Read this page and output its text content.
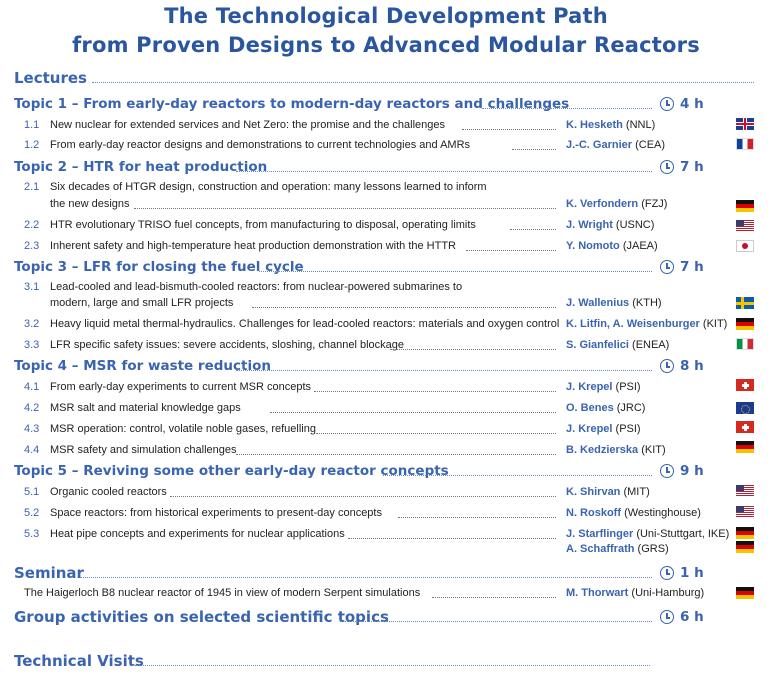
The Technological Development Path
from Proven Designs to Advanced Modular Reactors
Lectures
Topic 1 – From early-day reactors to modern-day reactors and challenges	4 h
1.1 New nuclear for extended services and Net Zero: the promise and the challenges	K. Hesketh (NNL)
1.2 From early-day reactor designs and demonstrations to current technologies and AMRs	J.-C. Garnier (CEA)
Topic 2 – HTR for heat production	7 h
2.1 Six decades of HTGR design, construction and operation: many lessons learned to inform
the new designs	K. Verfondern (FZJ)
2.2 HTR evolutionary TRISO fuel concepts, from manufacturing to disposal, operating limits	J. Wright (USNC)
2.3 Inherent safety and high-temperature heat production demonstration with the HTTR	Y. Nomoto (JAEA)
Topic 3 – LFR for closing the fuel cycle	7 h
3.1 Lead-cooled and lead-bismuth-cooled reactors: from nuclear-powered submarines to
modern, large and small LFR projects	J. Wallenius (KTH)
3.2 Heavy liquid metal thermal-hydraulics. Challenges for lead-cooled reactors: materials and oxygen control K. Litfin, A. Weisenburger (KIT)
3.3 LFR specific safety issues: severe accidents, sloshing, channel blockage	S. Gianfelici (ENEA)
Topic 4 – MSR for waste reduction	8 h
4.1 From early-day experiments to current MSR concepts	J. Krepel (PSI)
4.2 MSR salt and material knowledge gaps	O. Benes (JRC)
4.3 MSR operation: control, volatile noble gases, refuelling	J. Krepel (PSI)
4.4 MSR safety and simulation challenges	B. Kedzierska (KIT)
Topic 5 – Reviving some other early-day reactor concepts	9 h
5.1 Organic cooled reactors	K. Shirvan (MIT)
5.2 Space reactors: from historical experiments to present-day concepts	N. Roskoff (Westinghouse)
5.3 Heat pipe concepts and experiments for nuclear applications	J. Starflinger (Uni-Stuttgart, IKE)
A. Schaffrath (GRS)
Seminar	1 h
The Haigerloch B8 nuclear reactor of 1945 in view of modern Serpent simulations	M. Thorwart (Uni-Hamburg)
Group activities on selected scientific topics	6 h
Technical Visits
